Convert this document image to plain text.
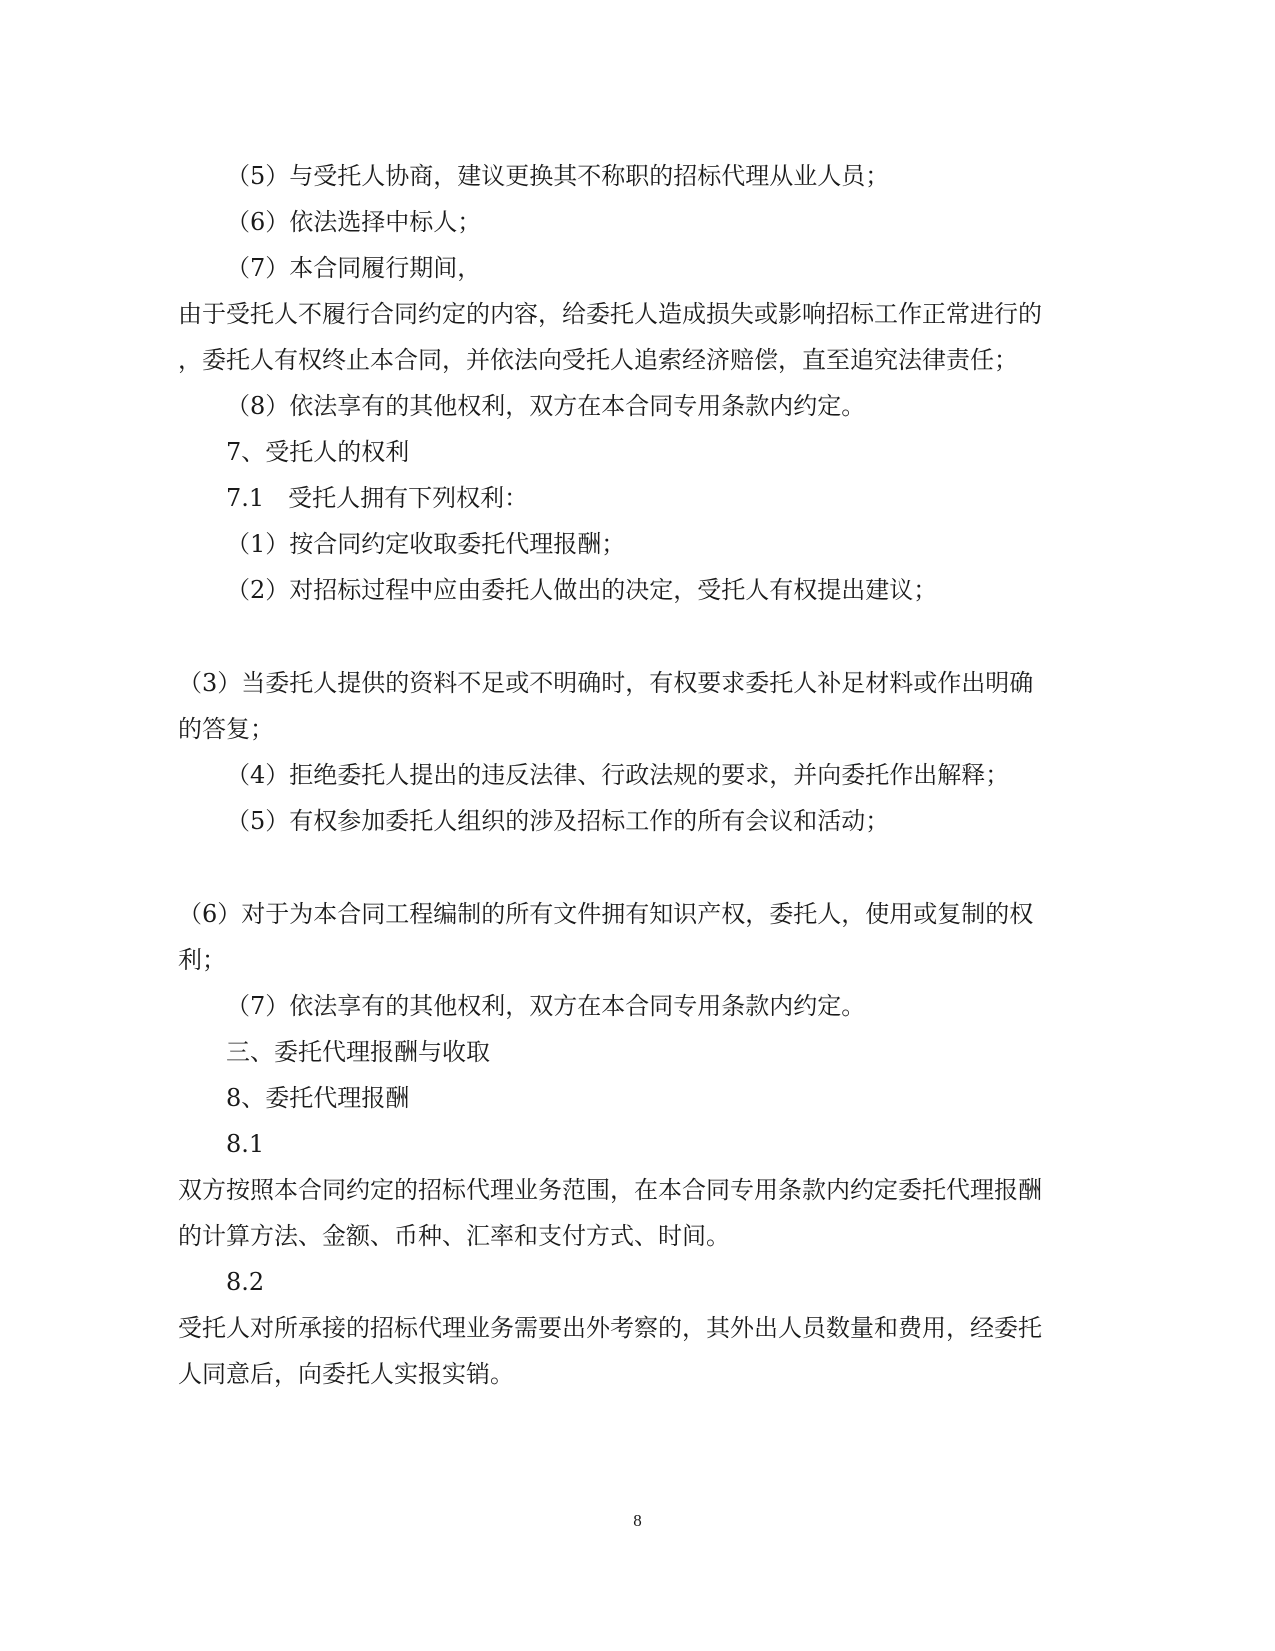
（5）与受托人协商，建议更换其不称职的招标代理从业人员；
（6）依法选择中标人；
（7）本合同履行期间，
由于受托人不履行合同约定的内容，给委托人造成损失或影响招标工作正常进行的
，委托人有权终止本合同，并依法向受托人追索经济赔偿，直至追究法律责任；
（8）依法享有的其他权利，双方在本合同专用条款内约定。
7、受托人的权利
7.1　受托人拥有下列权利：
（1）按合同约定收取委托代理报酬；
（2）对招标过程中应由委托人做出的决定，受托人有权提出建议；
（3）当委托人提供的资料不足或不明确时，有权要求委托人补足材料或作出明确
的答复；
（4）拒绝委托人提出的违反法律、行政法规的要求，并向委托作出解释；
（5）有权参加委托人组织的涉及招标工作的所有会议和活动；
（6）对于为本合同工程编制的所有文件拥有知识产权，委托人，使用或复制的权
利；
（7）依法享有的其他权利，双方在本合同专用条款内约定。
三、委托代理报酬与收取
8、委托代理报酬
8.1
双方按照本合同约定的招标代理业务范围，在本合同专用条款内约定委托代理报酬
的计算方法、金额、币种、汇率和支付方式、时间。
8.2
受托人对所承接的招标代理业务需要出外考察的，其外出人员数量和费用，经委托
人同意后，向委托人实报实销。
8
